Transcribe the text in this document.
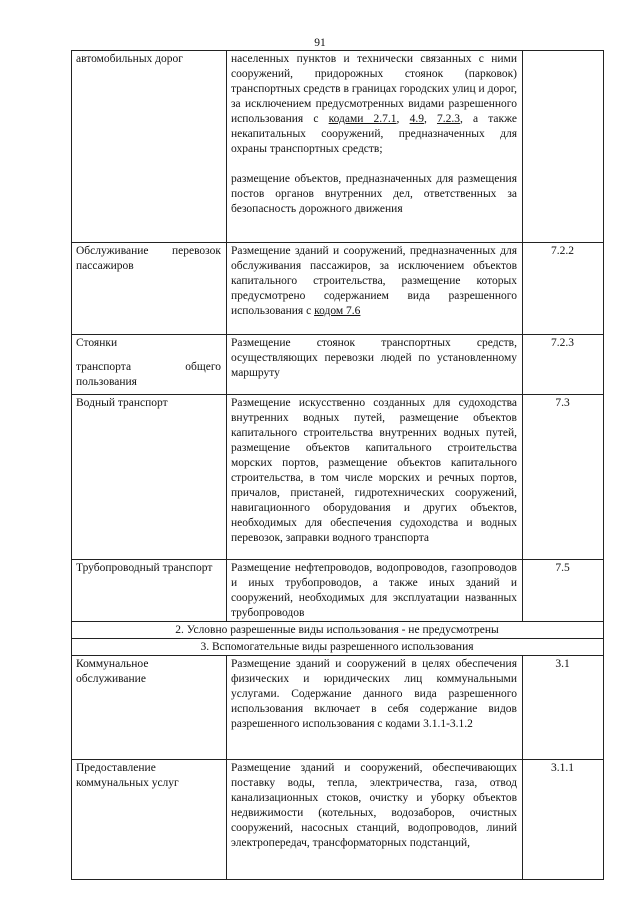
91
автомобильных дорог	населенных пунктов и технически связанных с ними сооружений, придорожных стоянок (парковок) транспортных средств в границах городских улиц и дорог, за исключением предусмотренных видами разрешенного использования с кодами 2.7.1, 4.9, 7.2.3, а также некапитальных сооружений, предназначенных для охраны транспортных средств;
размещение объектов, предназначенных для размещения постов органов внутренних дел, ответственных за безопасность дорожного движения	

Обслуживание перевозок пассажиров	Размещение зданий и сооружений, предназначенных для обслуживания пассажиров, за исключением объектов капитального строительства, размещение которых предусмотрено содержанием вида разрешенного использования с кодом 7.6	7.2.2

Стоянки
транспорта общего пользования	Размещение стоянок транспортных средств, осуществляющих перевозки людей по установленному маршруту	7.2.3
Водный транспорт	Размещение искусственно созданных для судоходства внутренних водных путей, размещение объектов капитального строительства внутренних водных путей, размещение объектов капитального строительства морских портов, размещение объектов капитального строительства, в том числе морских и речных портов, причалов, пристаней, гидротехнических сооружений, навигационного оборудования и других объектов, необходимых для обеспечения судоходства и водных перевозок, заправки водного транспорта	7.3
Трубопроводный транспорт	Размещение нефтепроводов, водопроводов, газопроводов и иных трубопроводов, а также иных зданий и сооружений, необходимых для эксплуатации названных трубопроводов	7.5
2. Условно разрешенные виды использования - не предусмотрены		
3. Вспомогательные виды разрешенного использования		
Коммунальное обслуживание	Размещение зданий и сооружений в целях обеспечения физических и юридических лиц коммунальными услугами. Содержание данного вида разрешенного использования включает в себя содержание видов разрешенного использования с кодами 3.1.1-3.1.2	3.1
Предоставление коммунальных услуг	Размещение зданий и сооружений, обеспечивающих поставку воды, тепла, электричества, газа, отвод канализационных стоков, очистку и уборку объектов недвижимости (котельных, водозаборов, очистных сооружений, насосных станций, водопроводов, линий электропередач, трансформаторных подстанций,	3.1.1
